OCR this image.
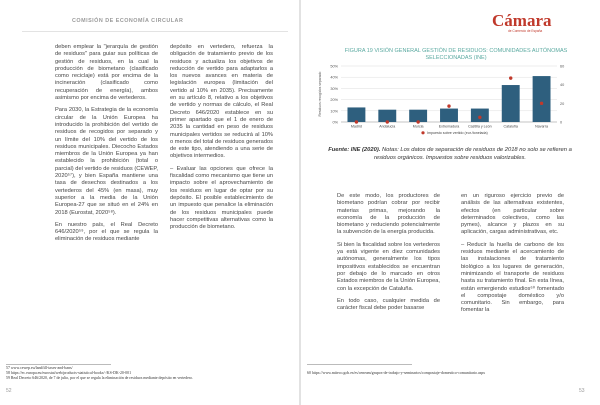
COMISIÓN DE ECONOMÍA CIRCULAR

deben emplear la "jerarquía de gestión de residuos" para guiar sus políticas de gestión de residuos, en la cual la producción de biometano (clasificado como reciclaje) está por encima de la incineración (clasificado como recuperación de energía), ambos asimismo por encima de vertederos.

Para 2030, la Estrategia de la economía circular de la Unión Europea ha introducido la prohibición del vertido de residuos de recogidos por separado y un límite del 10% del vertido de los residuos municipales. Diecocho Estados miembros de la Unión Europea ya han establecido la prohibición (total o parcial) del vertido de residuos (CEWEP, 2020⁵⁷), y bien España mantiene una tasa de desechos destinados a los vertederos del 45% (en masa), muy superior a la media de la Unión Europea-27 que se situó en el 24% en 2018 (Eurostat, 2020⁵⁸).

En nuestro país, el Real Decreto 646/2020⁵⁹, por el que se regula la eliminación de residuos mediante

depósito en vertedero, refuerza la obligación de tratamiento previo de los residuos y actualiza los objetivos de reducción de vertido para adaptarlos a los nuevos avances en materia de legislación europea (limitación del vertido al 10% en 2035). Precisamente en su artículo 8, relativo a los objetivos de vertido y normas de cálculo, el Real Decreto 646/2020 establece en su primer apartado que el 1 de enero de 2035 la cantidad en peso de residuos municipales vertidos se reducirá al 10% o menos del total de residuos generados de este tipo, atendiendo a una serie de objetivos intermedios.

– Evaluar las opciones que ofrece la fiscalidad como mecanismo que tiene un impacto sobre el aprovechamiento de los residuos en lugar de optar por su depósito. El posible establecimiento de un impuesto que penalice la eliminación de los residuos municipales puede hacer competitivas alternativas como la producción de biometano.

57 www.cewep.eu/landfill-taxes-and-bans/
58 https://ec.europa.eu/eurostat/web/products-statistical-books/-/KS-DK-20-001
59 Real Decreto 646/2020, de 7 de julio, por el que se regula la eliminación de residuos mediante depósito en vertedero.
52
Cámara
de Comercio de España
FIGURA 19 VISIÓN GENERAL GESTIÓN DE RESIDUOS: COMUNIDADES AUTÓNOMAS SELECCIONADAS (INE)
0%
10%
20%
30%
40%
50%
0
20
40
60
Residuos recogidos separado
Madrid	Andalucía	Murcia	Extremadura Castilla y León	Cataluña	Navarra
Impuesto sobre vertido (eur./tonelada)
Fuente: INE (2020). Notas: Los datos de separación de residuos de 2018 no solo se refieren a residuos orgánicos. Impuestos sobre residuos valorizables.

De este modo, los productores de biometano podrían cobrar por recibir materias primas, mejorando la economía de la producción de biometano y reduciendo potencialmente la subvención de la energía producida.

Si bien la fiscalidad sobre los vertederos ya está vigente en diez comunidades autónomas, generalmente los tipos impositivos establecidos se encuentran por debajo de lo marcado en otros Estados miembros de la Unión Europea, con la excepción de Cataluña.

En todo caso, cualquier medida de carácter fiscal debe poder basarse

en un riguroso ejercicio previo de análisis de las alternativas existentes, efectos (en particular sobre determinados colectivos, como las pymes), alcance y plazos en su aplicación, cargas administrativas, etc.

– Reducir la huella de carbono de los residuos mediante el acercamiento de las instalaciones de tratamiento biológico a los lugares de generación, minimizando el transporte de residuos hasta su tratamiento final. En esta línea, están emergiendo estudios⁶⁰ fomentado el compostaje doméstico y/o comunitario. Sin embargo, para fomentar la

60 https://www.miteco.gob.es/es/ceneam/grupos-de-trabajo-y-seminarios/compostaje-domestico-comunitario.aspx
53
